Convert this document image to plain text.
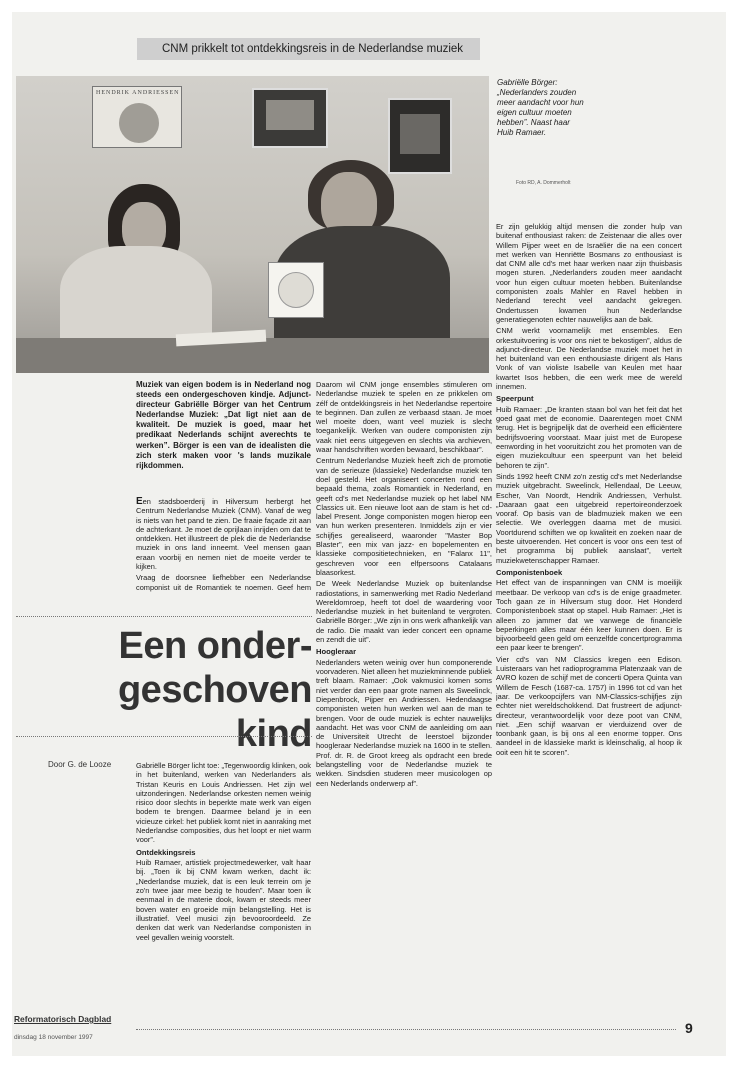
CNM prikkelt tot ontdekkingsreis in de Nederlandse muziek
HENDRIK ANDRIESSEN
Gabriëlle Börger: „Nederlanders zouden meer aandacht voor hun eigen cultuur moeten hebben”. Naast haar Huib Ramaer.
Foto RD, A. Dommerholt
Muziek van eigen bodem is in Nederland nog steeds een ondergeschoven kindje. Adjunct-directeur Gabriëlle Börger van het Centrum Nederlandse Muziek: „Dat ligt niet aan de kwaliteit. De muziek is goed, maar het predikaat Nederlands schijnt averechts te werken”. Börger is een van de idealisten die zich sterk maken voor 's lands muzikale rijkdommen.

Een stadsboerderij in Hilversum herbergt het Centrum Nederlandse Muziek (CNM). Vanaf de weg is niets van het pand te zien. De fraaie façade zit aan de achterkant. Je moet de oprijlaan inrijden om dat te ontdekken. Het illustreert de plek die de Nederlandse muziek in ons land inneemt. Veel mensen gaan eraan voorbij en nemen niet de moeite verder te kijken.

Vraag de doorsnee liefhebber een Nederlandse componist uit de Romantiek te noemen. Geef hem

Een onder-
geschoven kind
Door G. de Looze	Gabriëlle Börger licht toe: „Tegenwoordig klinken, ook in het buitenland, werken van Nederlanders als Tristan Keuris en Louis Andriessen. Het zijn wel uitzonderingen. Nederlandse orkesten nemen weinig risico door slechts in beperkte mate werk van eigen bodem te brengen. Daarmee beland je in een vicieuze cirkel: het publiek komt niet in aanraking met Nederlandse composities, dus het loopt er niet warm voor”.

Ontdekkingsreis

Huib Ramaer, artistiek projectmedewerker, valt haar bij. „Toen ik bij CNM kwam werken, dacht ik: „Nederlandse muziek, dat is een leuk terrein om je zo'n twee jaar mee bezig te houden”. Maar toen ik eenmaal in de materie dook, kwam er steeds meer boven water en groeide mijn belangstelling. Het is illustratief. Veel musici zijn bevooroordeeld. Ze denken dat werk van Nederlandse componisten in veel gevallen weinig voorstelt.

Daarom wil CNM jonge ensembles stimuleren om Nederlandse muziek te spelen en ze prikkelen om zélf de ontdekkingsreis in het Nederlandse repertoire te beginnen. Dan zullen ze verbaasd staan. Je moet wel moeite doen, want veel muziek is slecht toegankelijk. Werken van oudere componisten zijn vaak niet eens uitgegeven en slechts via archieven, waar handschriften worden bewaard, beschikbaar”.

Centrum Nederlandse Muziek heeft zich de promotie van de serieuze (klassieke) Nederlandse muziek ten doel gesteld. Het organiseert concerten rond een bepaald thema, zoals Romantiek in Nederland, en geeft cd's met Nederlandse muziek op het label NM Classics uit. Een nieuwe loot aan de stam is het cd-label Present. Jonge componisten mogen hierop een van hun werken presenteren. Inmiddels zijn er vier schijfjes gerealiseerd, waaronder "Master Bop Blaster", een mix van jazz- en bopelementen en klassieke compositietechnieken, en "Falanx 11", geschreven voor een elfpersoons Catalaans blaasorkest.

De Week Nederlandse Muziek op buitenlandse radiostations, in samenwerking met Radio Nederland Wereldomroep, heeft tot doel de waardering voor Nederlandse muziek in het buitenland te vergroten. Gabriëlle Börger: „We zijn in ons werk afhankelijk van de radio. Die maakt van ieder concert een opname en zendt die uit”.

Hoogleraar

Nederlanders weten weinig over hun componerende voorvaderen. Niet alleen het muziekminnende publiek treft blaam. Ramaer: „Ook vakmusici komen soms niet verder dan een paar grote namen als Sweelinck, Diepenbrock, Pijper en Andriessen. Hedendaagse componisten weten hun werken wel aan de man te brengen. Voor de oude muziek is echter nauwelijks aandacht. Het was voor CNM de aanleiding om aan de Universiteit Utrecht de leerstoel bijzonder hoogleraar Nederlandse muziek na 1600 in te stellen. Prof. dr. R. de Groot kreeg als opdracht een brede belangstelling voor de Nederlandse muziek te wekken. Sindsdien studeren meer musicologen op een Nederlands onderwerp af”.

Er zijn gelukkig altijd mensen die zonder hulp van buitenaf enthousiast raken: de Zeistenaar die alles over Willem Pijper weet en de Israëliër die na een concert met werken van Henriëtte Bosmans zo enthousiast is dat CNM alle cd's met haar werken naar zijn thuisbasis mogen sturen. „Nederlanders zouden meer aandacht voor hun eigen cultuur moeten hebben. Buitenlandse componisten zoals Mahler en Ravel hebben in Nederland terecht veel aandacht gekregen. Ondertussen kwamen hun Nederlandse generatiegenoten echter nauwelijks aan de bak.

CNM werkt voornamelijk met ensembles. Een orkestuitvoering is voor ons niet te bekostigen”, aldus de adjunct-directeur. De Nederlandse muziek moet het in het buitenland van een enthousiaste dirigent als Hans Vonk of van violiste Isabelle van Keulen met haar kwartet Isos hebben, die een werk mee de wereld innemen.

Speerpunt

Huib Ramaer: „De kranten staan bol van het feit dat het goed gaat met de economie. Daarentegen moet CNM terug. Het is begrijpelijk dat de overheid een efficiëntere bedrijfsvoering voorstaat. Maar juist met de Europese eenwording in het vooruitzicht zou het promoten van de eigen muziekcultuur een speerpunt van het beleid behoren te zijn”.

Sinds 1992 heeft CNM zo'n zestig cd's met Nederlandse muziek uitgebracht. Sweelinck, Hellendaal, De Leeuw, Escher, Van Noordt, Hendrik Andriessen, Verhulst. „Daaraan gaat een uitgebreid repertoireonderzoek vooraf. Op basis van de bladmuziek maken we een selectie. We overleggen daarna met de musici. Voortdurend schiften we op kwaliteit en zoeken naar de beste uitvoerenden. Het concert is voor ons een test of het programma bij publiek aanslaat”, vertelt muziekwetenschapper Ramaer.

Componistenboek

Het effect van de inspanningen van CNM is moeilijk meetbaar. De verkoop van cd's is de enige graadmeter. Toch gaan ze in Hilversum stug door. Het Honderd Componistenboek staat op stapel. Huib Ramaer: „Het is alleen zo jammer dat we vanwege de financiële beperkingen alles maar één keer kunnen doen. Er is bijvoorbeeld geen geld om eenzelfde concertprogramma een paar keer te brengen”.

Vier cd's van NM Classics kregen een Edison. Luisteraars van het radioprogramma Platenzaak van de AVRO kozen de schijf met de concerti Opera Quinta van Willem de Fesch (1687-ca. 1757) in 1996 tot cd van het jaar. De verkoopcijfers van NM-Classics-schijfjes zijn echter niet wereldschokkend. Dat frustreert de adjunct-directeur, verantwoordelijk voor deze poot van CNM, niet. „Een schijf waarvan er vierduizend over de toonbank gaan, is bij ons al een enorme topper. Ons aandeel in de klassieke markt is kleinschalig, al hoop ik ooit een hit te scoren”.

Reformatorisch Dagblad
dinsdag 18 november 1997
9
